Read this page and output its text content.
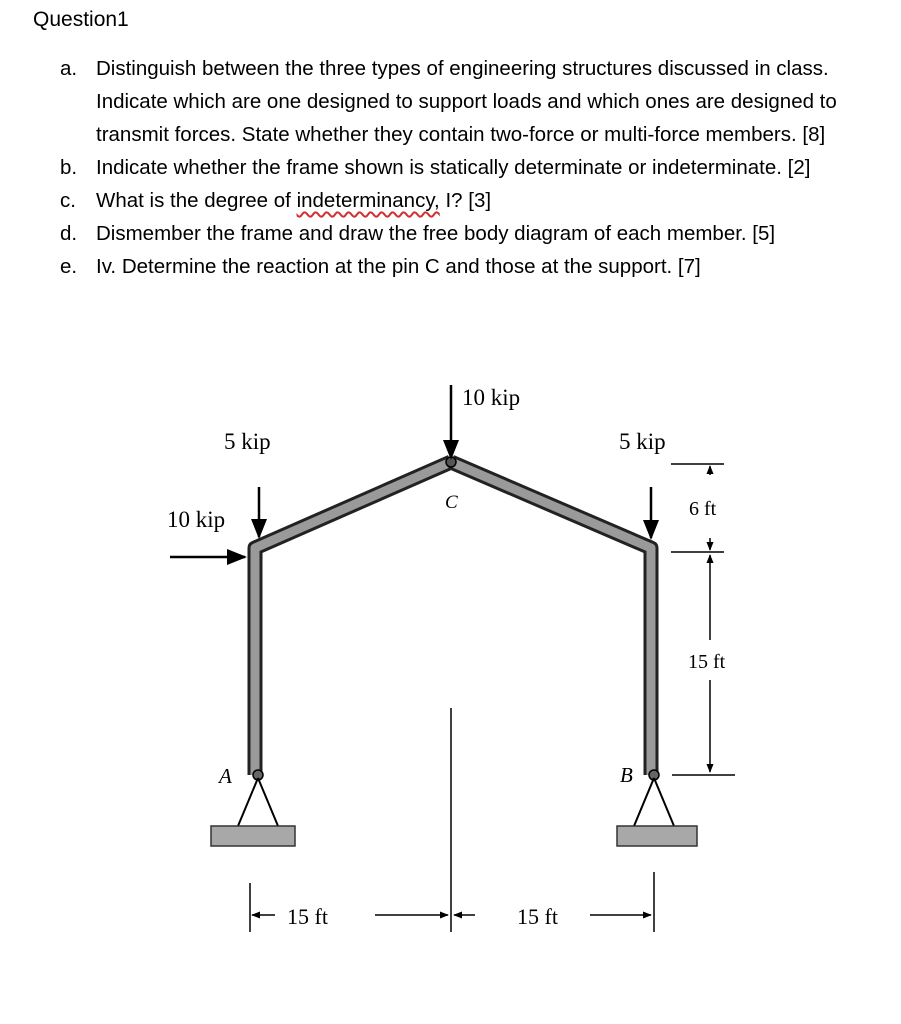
Question1
a. Distinguish between the three types of engineering structures discussed in class. Indicate which are one designed to support loads and which ones are designed to transmit forces. State whether they contain two-force or multi-force members. [8]
b. Indicate whether the frame shown is statically determinate or indeterminate. [2]
c. What is the degree of indeterminancy, I? [3]
d. Dismember the frame and draw the free body diagram of each member. [5]
e. Iv. Determine the reaction at the pin C and those at the support. [7]
C
A	B
10 kip
5 kip
10 kip
5 kip
6 ft
15 ft
15 ft	15 ft
